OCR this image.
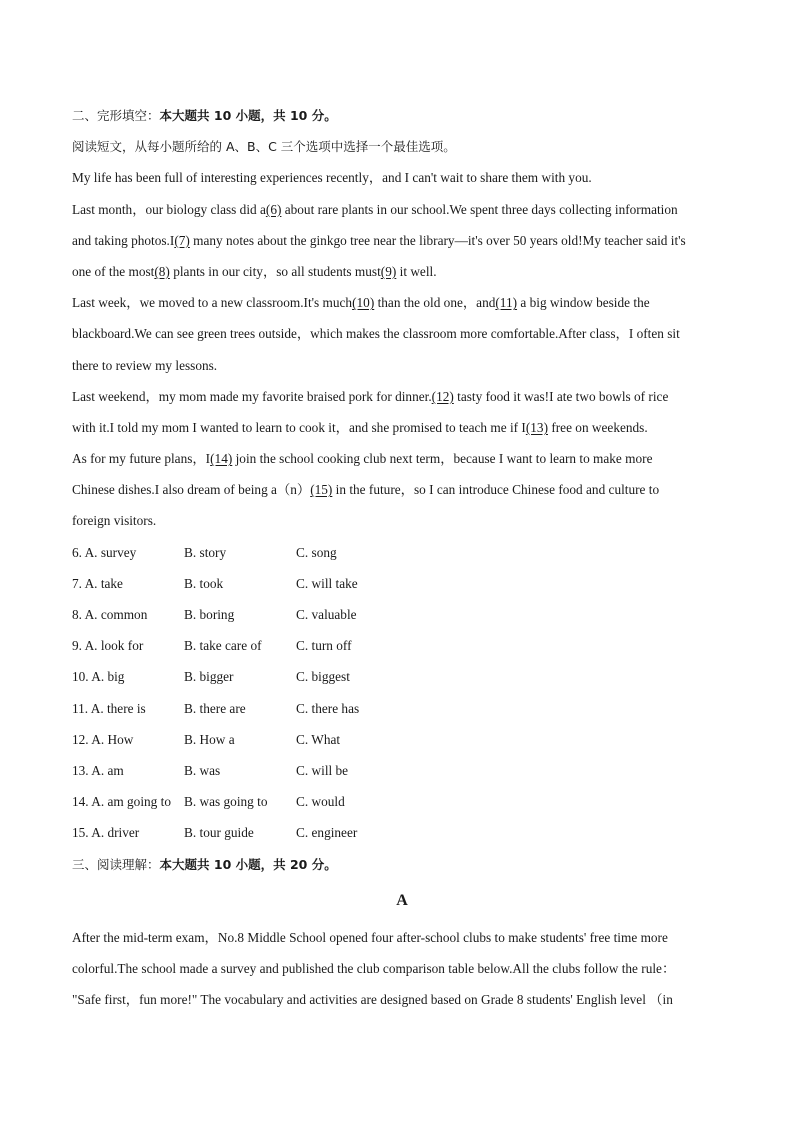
二、完形填空：本大题共 10 小题，共 10 分。
阅读短文，从每小题所给的 A、B、C 三个选项中选择一个最佳选项。
My life has been full of interesting experiences recently，and I can't wait to share them with you.
Last month，our biology class did a(6) about rare plants in our school.We spent three days collecting information
and taking photos.I(7) many notes about the ginkgo tree near the library—it's over 50 years old!My teacher said it's
one of the most(8) plants in our city，so all students must(9) it well.
Last week，we moved to a new classroom.It's much(10) than the old one，and(11) a big window beside the
blackboard.We can see green trees outside，which makes the classroom more comfortable.After class，I often sit
there to review my lessons.
Last weekend，my mom made my favorite braised pork for dinner.(12) tasty food it was!I ate two bowls of rice
with it.I told my mom I wanted to learn to cook it，and she promised to teach me if I(13) free on weekends.
As for my future plans，I(14) join the school cooking club next term，because I want to learn to make more
Chinese dishes.I also dream of being a（n）(15) in the future，so I can introduce Chinese food and culture to
foreign visitors.
6. A. survey	B. story	C. song
7. A. take	B. took	C. will take
8. A. common	B. boring	C. valuable
9. A. look for	B. take care of	C. turn off
10. A. big	B. bigger	C. biggest
11. A. there is	B. there are	C. there has
12. A. How	B. How a	C. What
13. A. am	B. was	C. will be
14. A. am going to B. was going to C. would
15. A. driver	B. tour guide	C. engineer
三、阅读理解：本大题共 10 小题，共 20 分。
A
After the mid-term exam，No.8 Middle School opened four after-school clubs to make students' free time more
colorful.The school made a survey and published the club comparison table below.All the clubs follow the rule：
"Safe first，fun more!" The vocabulary and activities are designed based on Grade 8 students' English level （in
